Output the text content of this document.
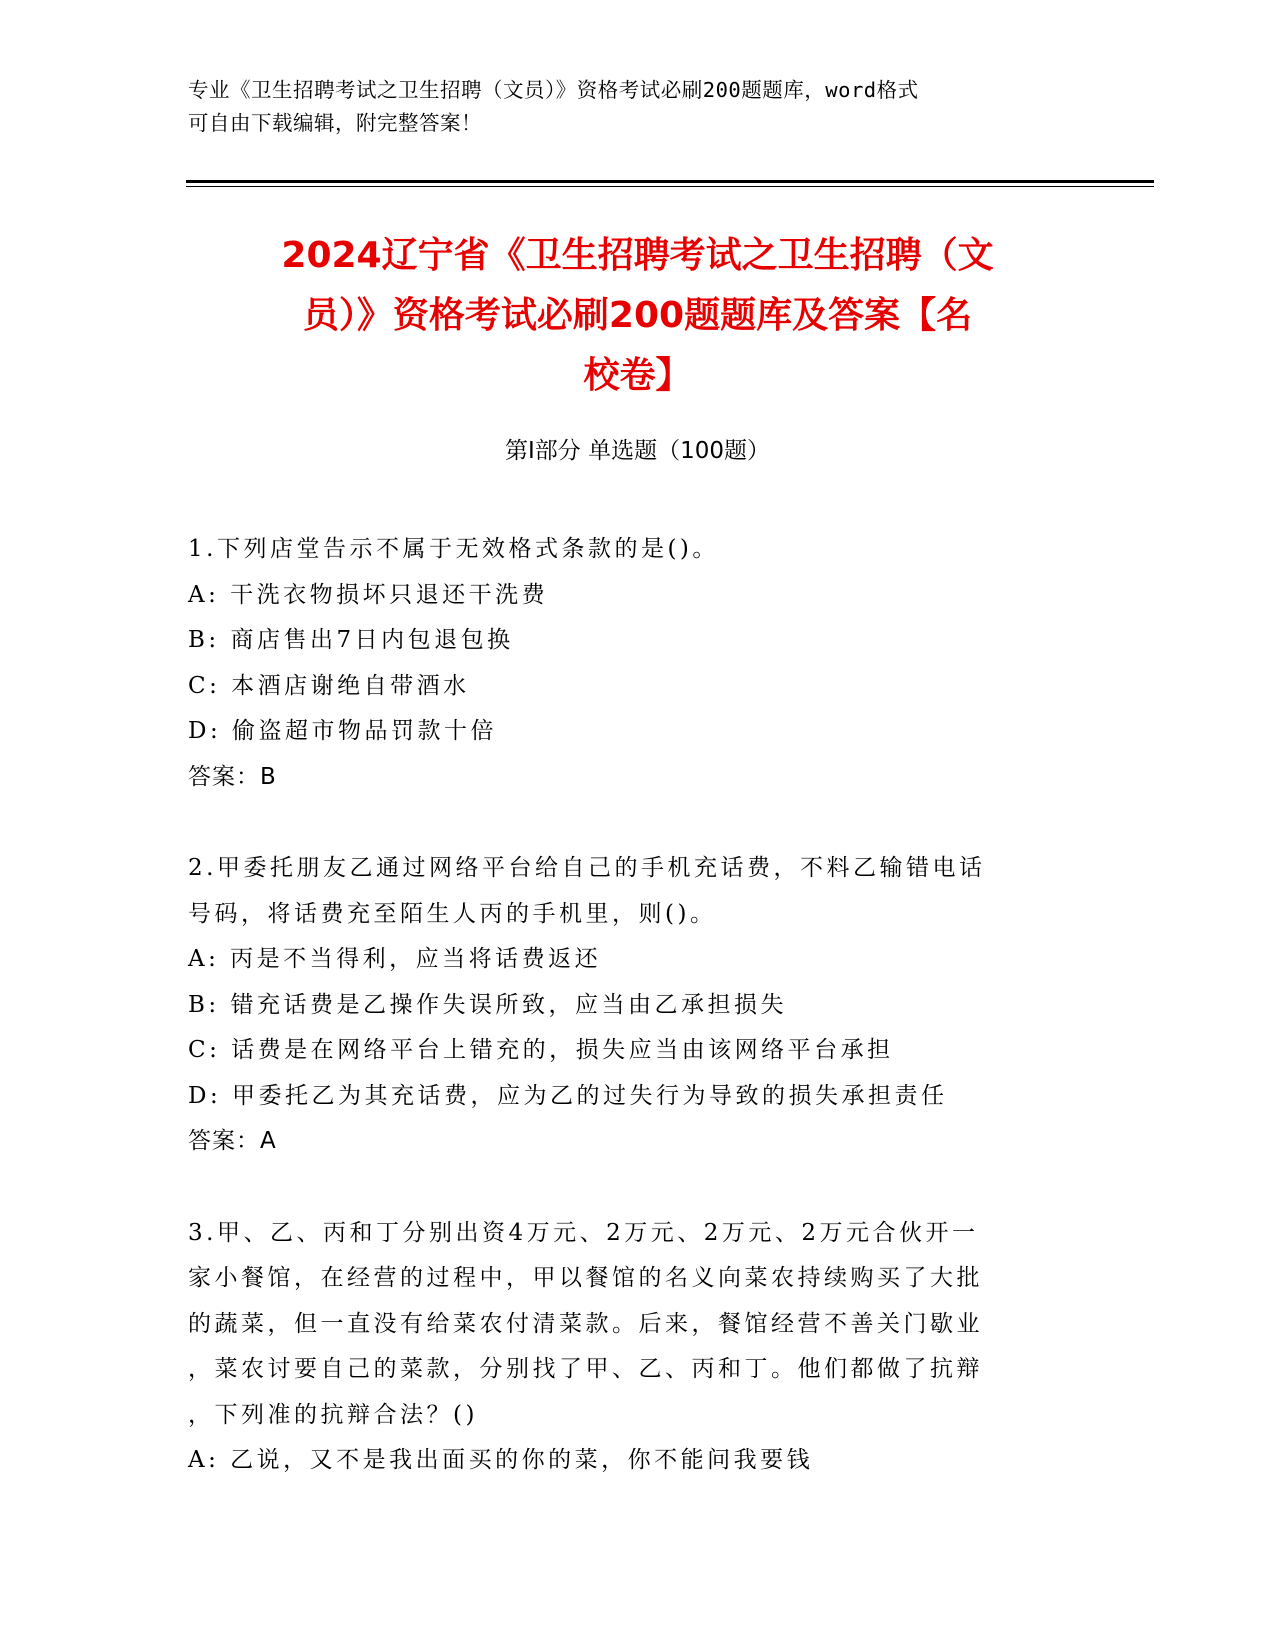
专业《卫生招聘考试之卫生招聘（文员）》资格考试必刷200题题库，word格式
可自由下载编辑，附完整答案！
2024辽宁省《卫生招聘考试之卫生招聘（文
员）》资格考试必刷200题题库及答案【名
校卷】
第I部分 单选题（100题）

1.下列店堂告示不属于无效格式条款的是()。

A: 干洗衣物损坏只退还干洗费

B: 商店售出7日内包退包换

C: 本酒店谢绝自带酒水

D: 偷盗超市物品罚款十倍

答案：B

2.甲委托朋友乙通过网络平台给自己的手机充话费，不料乙输错电话

号码，将话费充至陌生人丙的手机里，则()。

A: 丙是不当得利，应当将话费返还

B: 错充话费是乙操作失误所致，应当由乙承担损失

C: 话费是在网络平台上错充的，损失应当由该网络平台承担

D: 甲委托乙为其充话费，应为乙的过失行为导致的损失承担责任

答案：A

3.甲、乙、丙和丁分别出资4万元、2万元、2万元、2万元合伙开一

家小餐馆，在经营的过程中，甲以餐馆的名义向菜农持续购买了大批

的蔬菜，但一直没有给菜农付清菜款。后来，餐馆经营不善关门歇业

，菜农讨要自己的菜款，分别找了甲、乙、丙和丁。他们都做了抗辩

，下列准的抗辩合法？()

A: 乙说，又不是我出面买的你的菜，你不能问我要钱
